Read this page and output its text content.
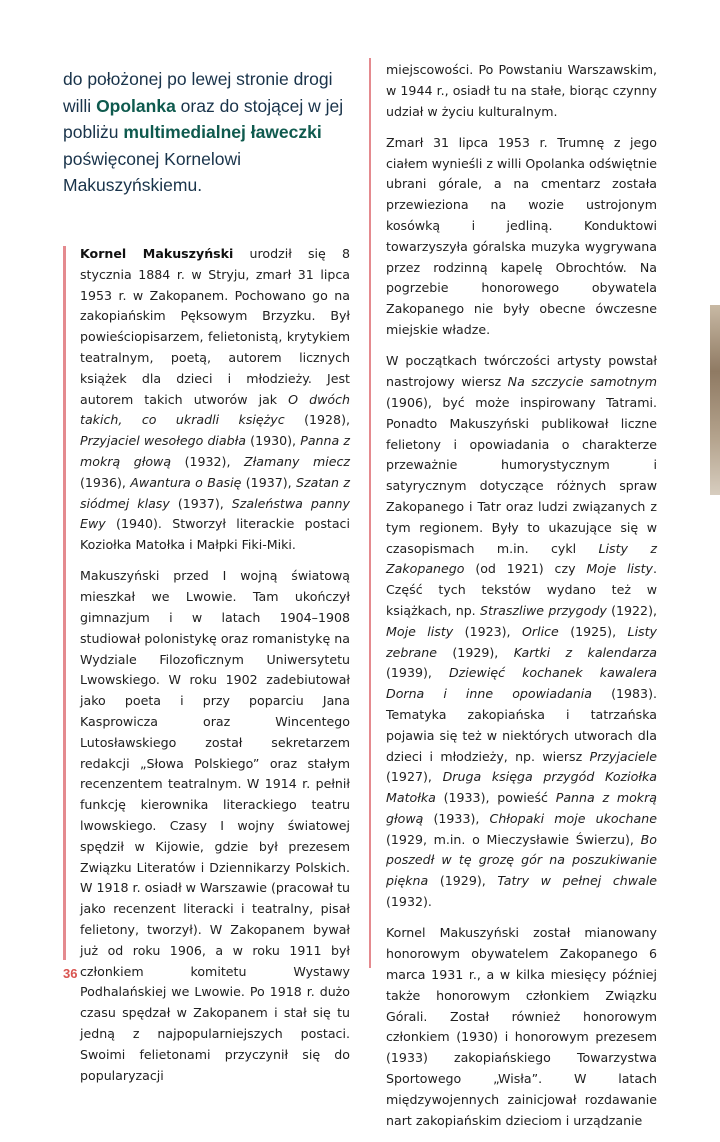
do położonej po lewej stronie drogi willi Opolanka oraz do stojącej w jej pobliżu multimedialnej ławeczki poświęconej Kornelowi Makuszyńskiemu.

Kornel Makuszyński urodził się 8 stycznia 1884 r. w Stryju, zmarł 31 lipca 1953 r. w Zakopanem. Pochowano go na zakopiańskim Pęksowym Brzyzku. Był powieściopisarzem, felietonistą, krytykiem teatralnym, poetą, autorem licznych książek dla dzieci i młodzieży. Jest autorem takich utworów jak O dwóch takich, co ukradli księżyc (1928), Przyjaciel wesołego diabła (1930), Panna z mokrą głową (1932), Złamany miecz (1936), Awantura o Basię (1937), Szatan z siódmej klasy (1937), Szaleństwa panny Ewy (1940). Stworzył literackie postaci Koziołka Matołka i Małpki Fiki-Miki.

Makuszyński przed I wojną światową mieszkał we Lwowie. Tam ukończył gimnazjum i w latach 1904–1908 studiował polonistykę oraz romanistykę na Wydziale Filozoficznym Uniwersytetu Lwowskiego. W roku 1902 zadebiutował jako poeta i przy poparciu Jana Kasprowicza oraz Wincentego Lutosławskiego został sekretarzem redakcji „Słowa Polskiego” oraz stałym recenzentem teatralnym. W 1914 r. pełnił funkcję kierownika literackiego teatru lwowskiego. Czasy I wojny światowej spędził w Kijowie, gdzie był prezesem Związku Literatów i Dziennikarzy Polskich. W 1918 r. osiadł w Warszawie (pracował tu jako recenzent literacki i teatralny, pisał felietony, tworzył). W Zakopanem bywał już od roku 1906, a w roku 1911 był członkiem komitetu Wystawy Podhalańskiej we Lwowie. Po 1918 r. dużo czasu spędzał w Zakopanem i stał się tu jedną z najpopularniejszych postaci. Swoimi felietonami przyczynił się do popularyzacji

miejscowości. Po Powstaniu Warszawskim, w 1944 r., osiadł tu na stałe, biorąc czynny udział w życiu kulturalnym.

Zmarł 31 lipca 1953 r. Trumnę z jego ciałem wynieśli z willi Opolanka odświętnie ubrani górale, a na cmentarz została przewieziona na wozie ustrojonym kosówką i jedliną. Konduktowi towarzyszyła góralska muzyka wygrywana przez rodzinną kapelę Obrochtów. Na pogrzebie honorowego obywatela Zakopanego nie były obecne ówczesne miejskie władze.

W początkach twórczości artysty powstał nastrojowy wiersz Na szczycie samotnym (1906), być może inspirowany Tatrami. Ponadto Makuszyński publikował liczne felietony i opowiadania o charakterze przeważnie humorystycznym i satyrycznym dotyczące różnych spraw Zakopanego i Tatr oraz ludzi związanych z tym regionem. Były to ukazujące się w czasopismach m.in. cykl Listy z Zakopanego (od 1921) czy Moje listy. Część tych tekstów wydano też w książkach, np. Straszliwe przygody (1922), Moje listy (1923), Orlice (1925), Listy zebrane (1929), Kartki z kalendarza (1939), Dziewięć kochanek kawalera Dorna i inne opowiadania (1983). Tematyka zakopiańska i tatrzańska pojawia się też w niektórych utworach dla dzieci i młodzieży, np. wiersz Przyjaciele (1927), Druga księga przygód Koziołka Matołka (1933), powieść Panna z mokrą głową (1933), Chłopaki moje ukochane (1929, m.in. o Mieczysławie Świerzu), Bo poszedł w tę grozę gór na poszukiwanie piękna (1929), Tatry w pełnej chwale (1932).

Kornel Makuszyński został mianowany honorowym obywatelem Zakopanego 6 marca 1931 r., a w kilka miesięcy później także honorowym członkiem Związku Górali. Został również honorowym członkiem (1930) i honorowym prezesem (1933) zakopiańskiego Towarzystwa Sportowego „Wisła”. W latach międzywojennych zainicjował rozdawanie nart zakopiańskim dzieciom i urządzanie

36
